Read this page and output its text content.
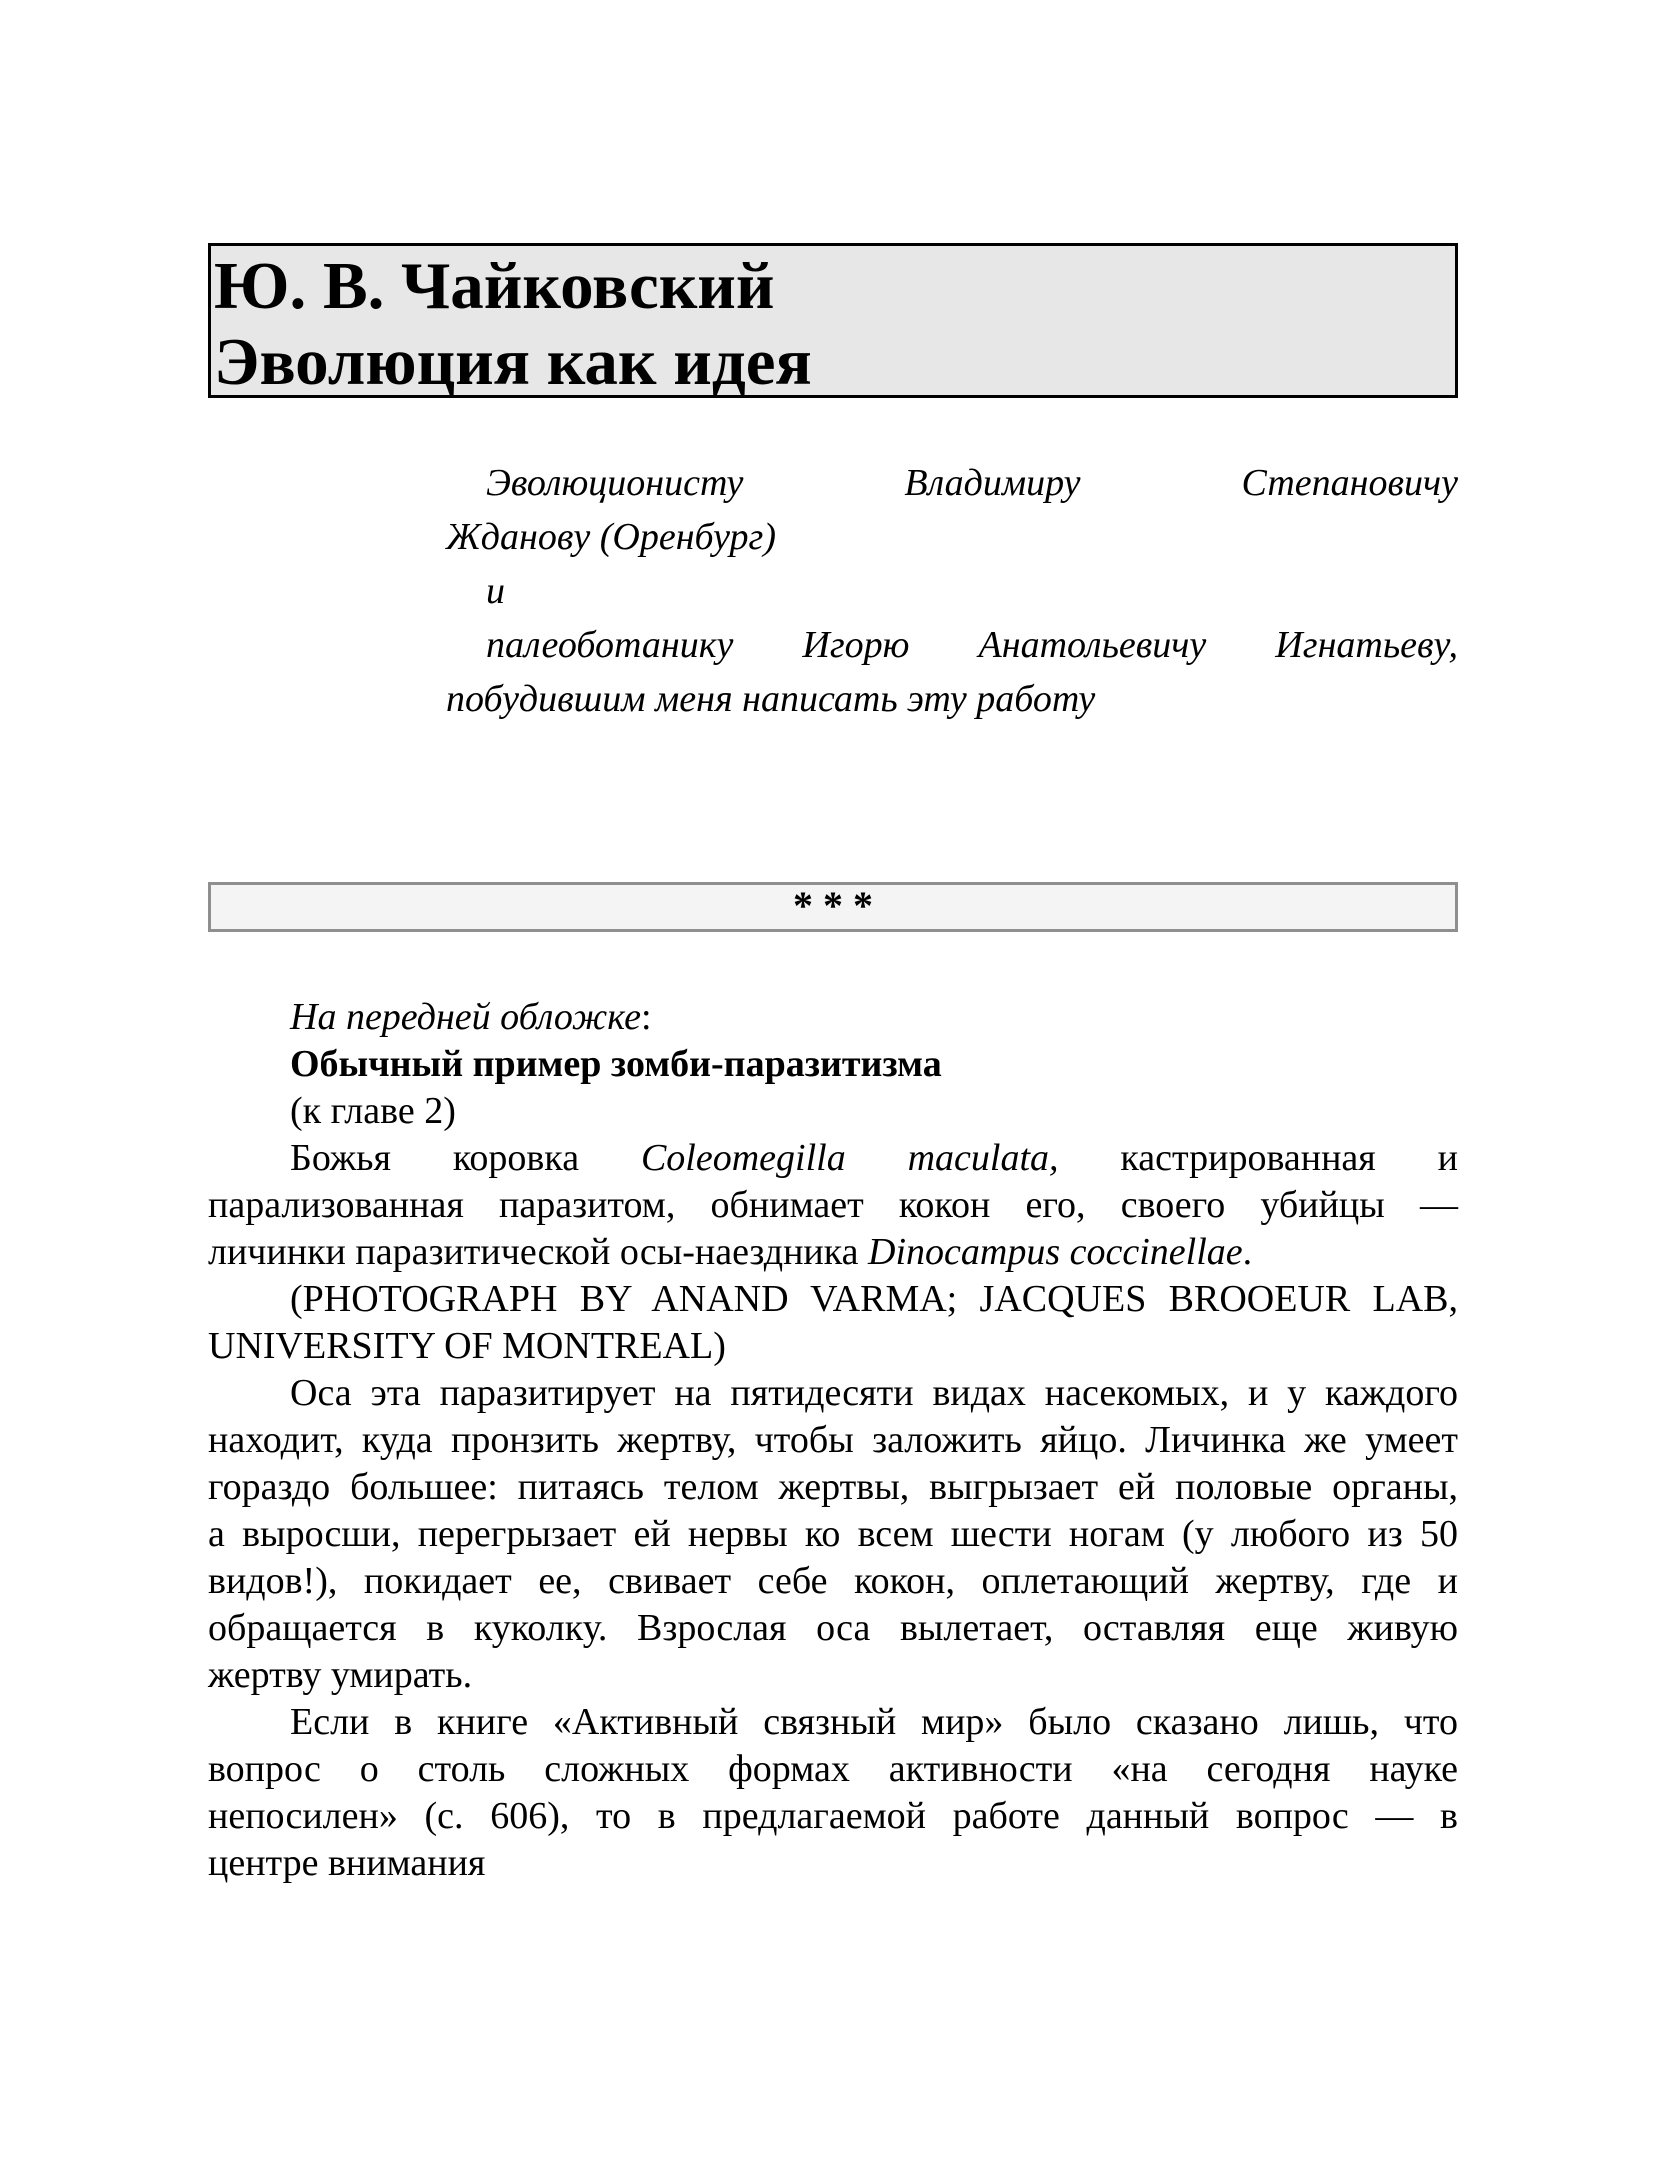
Ю. В. Чайковский
Эволюция как идея
Эволюционисту Владимиру Степановичу
Жданову (Оренбург)
и
палеоботанику Игорю Анатольевичу Игнатьеву,
побудившим меня написать эту работу
* * *
На передней обложке:
Обычный пример зомби-паразитизма
(к главе 2)
Божья коровка Coleomegilla maculata, кастрированная и
парализованная паразитом, обнимает кокон его, своего убийцы —
личинки паразитической осы-наездника Dinocampus coccinellae.
(PHOTOGRAPH BY ANAND VARMA; JACQUES BROOEUR LAB,
UNIVERSITY OF MONTREAL)
Оса эта паразитирует на пятидесяти видах насекомых, и у каждого
находит, куда пронзить жертву, чтобы заложить яйцо. Личинка же умеет
гораздо большее: питаясь телом жертвы, выгрызает ей половые органы,
а выросши, перегрызает ей нервы ко всем шести ногам (у любого из 50
видов!), покидает ее, свивает себе кокон, оплетающий жертву, где и
обращается в куколку. Взрослая оса вылетает, оставляя еще живую
жертву умирать.
Если в книге «Активный связный мир» было сказано лишь, что
вопрос о столь сложных формах активности «на сегодня науке
непосилен» (с. 606), то в предлагаемой работе данный вопрос — в
центре внимания
